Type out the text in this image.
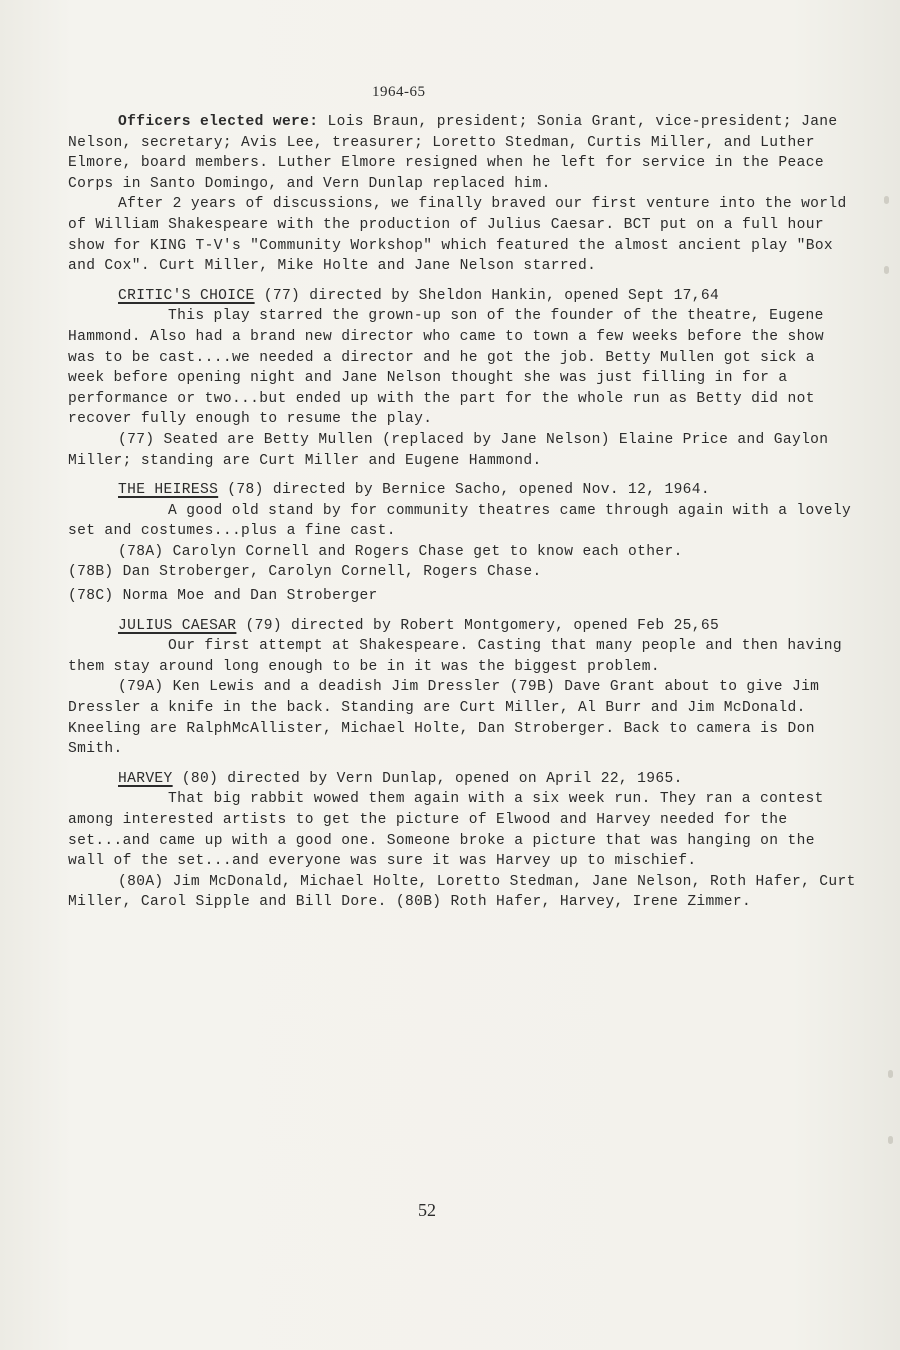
1964-65

Officers elected were: Lois Braun, president; Sonia Grant, vice-president; Jane Nelson, secretary; Avis Lee, treasurer; Loretto Stedman, Curtis Miller, and Luther Elmore, board members. Luther Elmore resigned when he left for service in the Peace Corps in Santo Domingo, and Vern Dunlap replaced him.

After 2 years of discussions, we finally braved our first venture into the world of William Shakespeare with the production of Julius Caesar. BCT put on a full hour show for KING T-V's "Community Workshop" which featured the almost ancient play "Box and Cox". Curt Miller, Mike Holte and Jane Nelson starred.

CRITIC'S CHOICE (77) directed by Sheldon Hankin, opened Sept 17,64

This play starred the grown-up son of the founder of the theatre, Eugene Hammond. Also had a brand new director who came to town a few weeks before the show was to be cast....we needed a director and he got the job. Betty Mullen got sick a week before opening night and Jane Nelson thought she was just filling in for a performance or two...but ended up with the part for the whole run as Betty did not recover fully enough to resume the play.

(77) Seated are Betty Mullen (replaced by Jane Nelson) Elaine Price and Gaylon Miller; standing are Curt Miller and Eugene Hammond.

THE HEIRESS (78) directed by Bernice Sacho, opened Nov. 12, 1964.

A good old stand by for community theatres came through again with a lovely set and costumes...plus a fine cast.

(78A) Carolyn Cornell and Rogers Chase get to know each other.

(78B) Dan Stroberger, Carolyn Cornell, Rogers Chase.

(78C) Norma Moe and Dan Stroberger

JULIUS CAESAR (79) directed by Robert Montgomery, opened Feb 25,65

Our first attempt at Shakespeare. Casting that many people and then having them stay around long enough to be in it was the biggest problem.

(79A) Ken Lewis and a deadish Jim Dressler (79B) Dave Grant about to give Jim Dressler a knife in the back. Standing are Curt Miller, Al Burr and Jim McDonald. Kneeling are RalphMcAllister, Michael Holte, Dan Stroberger. Back to camera is Don Smith.

HARVEY (80) directed by Vern Dunlap, opened on April 22, 1965.

That big rabbit wowed them again with a six week run. They ran a contest among interested artists to get the picture of Elwood and Harvey needed for the set...and came up with a good one. Someone broke a picture that was hanging on the wall of the set...and everyone was sure it was Harvey up to mischief.

(80A) Jim McDonald, Michael Holte, Loretto Stedman, Jane Nelson, Roth Hafer, Curt Miller, Carol Sipple and Bill Dore. (80B) Roth Hafer, Harvey, Irene Zimmer.

52
